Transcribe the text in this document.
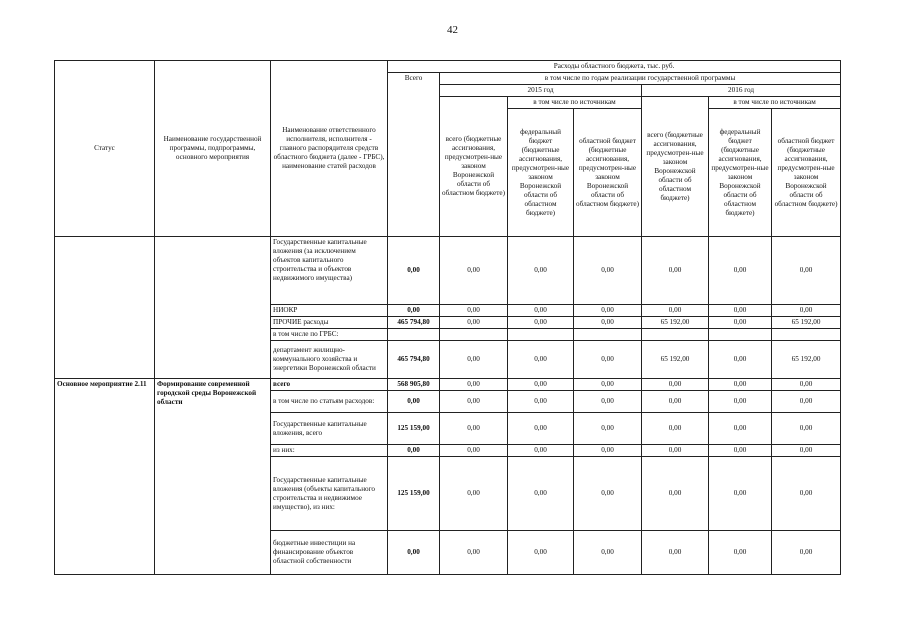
42
Статус	Наименование государственной программы, подпрограммы, основного мероприятия	Наименование ответственного исполнителя, исполнителя - главного распорядителя средств областного бюджета (далее - ГРБС), наименование статей расходов	Расходы областного бюджета, тыс. руб.						
			Всего	в том числе по годам реализации государственной программы					
				2015 год			2016 год		
				всего (бюджетные ассигнования, предусмотрен-ные законом Воронежской области об областном бюджете)	в том числе по источникам		всего (бюджетные ассигнования, предусмотрен-ные законом Воронежской области об областном бюджете)	в том числе по источникам	
					федеральный бюджет (бюджетные ассигнования, предусмотрен-ные законом Воронежской области об областном бюджете)	областной бюджет (бюджетные ассигнования, предусмотрен-ные законом Воронежской области об областном бюджете)		федеральный бюджет (бюджетные ассигнования, предусмотрен-ные законом Воронежской области об областном бюджете)	областной бюджет (бюджетные ассигнования, предусмотрен-ные законом Воронежской области об областном бюджете)
		Государственные капитальные вложения (за исключением объектов капитального строительства и объектов недвижимого имущества)	0,00	0,00	0,00	0,00	0,00	0,00	0,00
		НИОКР	0,00	0,00	0,00	0,00	0,00	0,00	0,00
		ПРОЧИЕ расходы	465 794,80	0,00	0,00	0,00	65 192,00	0,00	65 192,00
		в том числе по ГРБС:							
		департамент жилищно-коммунального хозяйства и энергетики Воронежской области	465 794,80	0,00	0,00	0,00	65 192,00	0,00	65 192,00
Основное мероприятие 2.11	Формирование современной городской среды Воронежской области	всего	568 905,80	0,00	0,00	0,00	0,00	0,00	0,00
		в том числе по статьям расходов:	0,00	0,00	0,00	0,00	0,00	0,00	0,00
		Государственные капитальные вложения, всего	125 159,00	0,00	0,00	0,00	0,00	0,00	0,00
		из них:	0,00	0,00	0,00	0,00	0,00	0,00	0,00
		Государственные капитальные вложения (объекты капитального строительства и недвижимое имущество), из них:	125 159,00	0,00	0,00	0,00	0,00	0,00	0,00
		бюджетные инвестиции на финансирование объектов областной собственности	0,00	0,00	0,00	0,00	0,00	0,00	0,00
